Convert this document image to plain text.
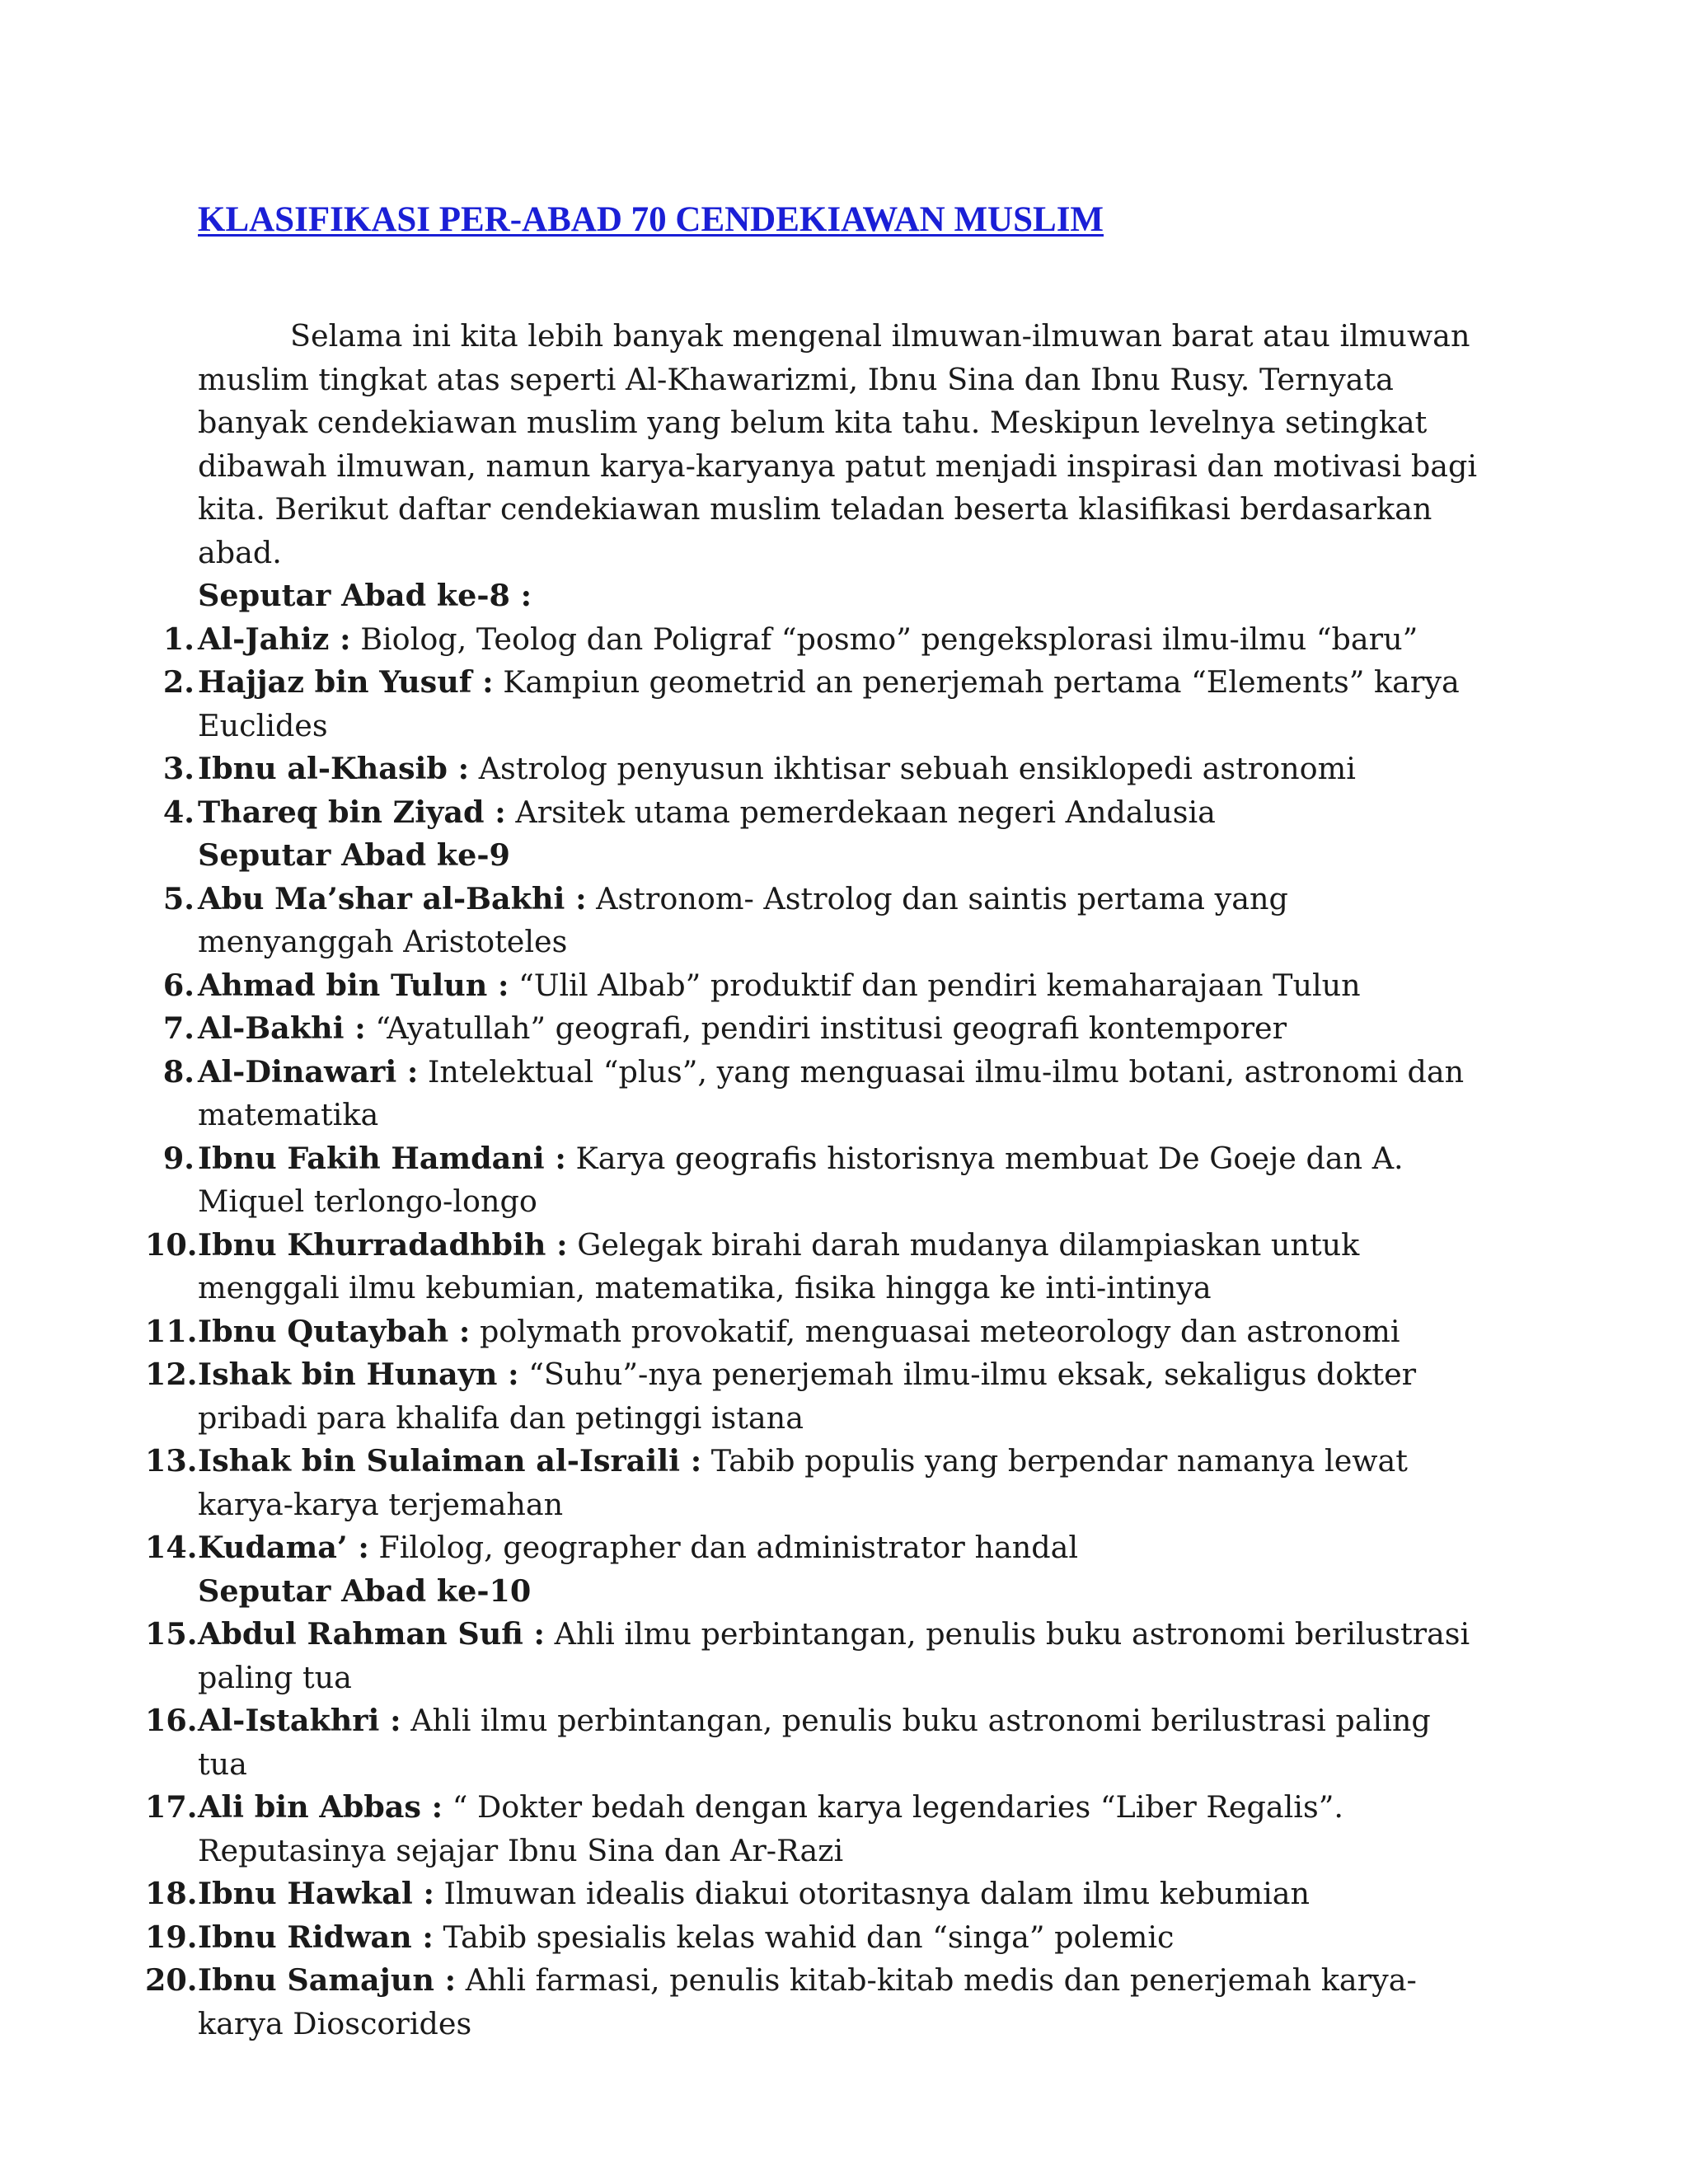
KLASIFIKASI PER-ABAD 70 CENDEKIAWAN MUSLIM

Selama ini kita lebih banyak mengenal ilmuwan-ilmuwan barat atau ilmuwan muslim tingkat atas seperti Al-Khawarizmi, Ibnu Sina dan Ibnu Rusy. Ternyata banyak cendekiawan muslim yang belum kita tahu. Meskipun levelnya setingkat dibawah ilmuwan, namun karya-karyanya patut menjadi inspirasi dan motivasi bagi kita. Berikut daftar cendekiawan muslim teladan beserta klasifikasi berdasarkan abad.

Seputar Abad ke-8 :

1. Al-Jahiz : Biolog, Teolog dan Poligraf “posmo” pengeksplorasi ilmu-ilmu “baru”
2. Hajjaz bin Yusuf : Kampiun geometrid an penerjemah pertama “Elements” karya Euclides
3. Ibnu al-Khasib : Astrolog penyusun ikhtisar sebuah ensiklopedi astronomi
4. Thareq bin Ziyad : Arsitek utama pemerdekaan negeri Andalusia

Seputar Abad ke-9

5. Abu Ma’shar al-Bakhi : Astronom- Astrolog dan saintis pertama yang menyanggah Aristoteles
6. Ahmad bin Tulun : “Ulil Albab” produktif dan pendiri kemaharajaan Tulun
7. Al-Bakhi : “Ayatullah” geografi, pendiri institusi geografi kontemporer
8. Al-Dinawari : Intelektual “plus”, yang menguasai ilmu-ilmu botani, astronomi dan matematika
9. Ibnu Fakih Hamdani : Karya geografis historisnya membuat De Goeje dan A. Miquel terlongo-longo
10. Ibnu Khurradadhbih : Gelegak birahi darah mudanya dilampiaskan untuk menggali ilmu kebumian, matematika, fisika hingga ke inti-intinya
11. Ibnu Qutaybah : polymath provokatif, menguasai meteorology dan astronomi
12. Ishak bin Hunayn : “Suhu”-nya penerjemah ilmu-ilmu eksak, sekaligus dokter pribadi para khalifa dan petinggi istana
13. Ishak bin Sulaiman al-Israili : Tabib populis yang berpendar namanya lewat karya-karya terjemahan
14. Kudama’ : Filolog, geographer dan administrator handal

Seputar Abad ke-10

15. Abdul Rahman Sufi : Ahli ilmu perbintangan, penulis buku astronomi berilustrasi paling tua
16. Al-Istakhri : Ahli ilmu perbintangan, penulis buku astronomi berilustrasi paling tua
17. Ali bin Abbas : “ Dokter bedah dengan karya legendaries “Liber Regalis”. Reputasinya sejajar Ibnu Sina dan Ar-Razi
18. Ibnu Hawkal : Ilmuwan idealis diakui otoritasnya dalam ilmu kebumian
19. Ibnu Ridwan : Tabib spesialis kelas wahid dan “singa” polemic
20. Ibnu Samajun : Ahli farmasi, penulis kitab-kitab medis dan penerjemah karya-karya Dioscorides
